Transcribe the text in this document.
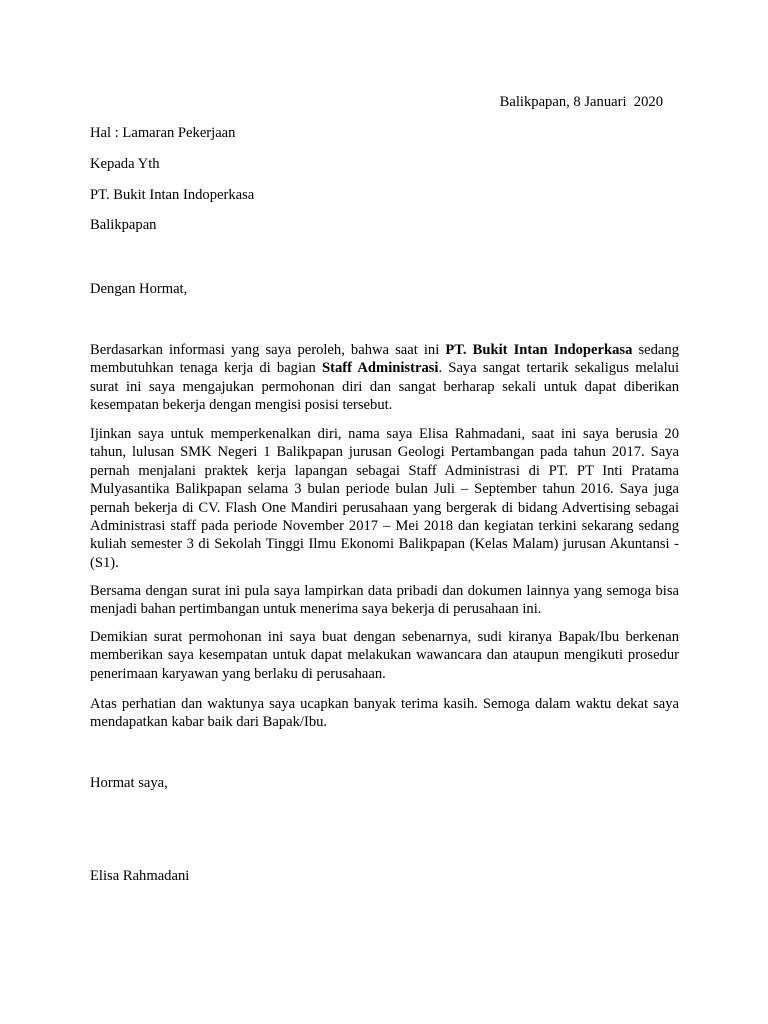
Balikpapan, 8 Januari  2020

Hal : Lamaran Pekerjaan

Kepada Yth

PT. Bukit Intan Indoperkasa

Balikpapan

Dengan Hormat,

Berdasarkan informasi yang saya peroleh, bahwa saat ini PT. Bukit Intan Indoperkasa sedang membutuhkan tenaga kerja di bagian Staff Administrasi. Saya sangat tertarik sekaligus melalui surat ini saya mengajukan permohonan diri dan sangat berharap sekali untuk dapat diberikan kesempatan bekerja dengan mengisi posisi tersebut.

Ijinkan saya untuk memperkenalkan diri, nama saya Elisa Rahmadani, saat ini saya berusia 20 tahun, lulusan SMK Negeri 1 Balikpapan jurusan Geologi Pertambangan pada tahun 2017. Saya pernah menjalani praktek kerja lapangan sebagai Staff Administrasi di PT. PT Inti Pratama Mulyasantika Balikpapan selama 3 bulan periode bulan Juli – September tahun 2016. Saya juga pernah bekerja di CV. Flash One Mandiri perusahaan yang bergerak di bidang Advertising sebagai Administrasi staff pada periode November 2017 – Mei 2018 dan kegiatan terkini sekarang sedang kuliah semester 3 di Sekolah Tinggi Ilmu Ekonomi Balikpapan (Kelas Malam) jurusan Akuntansi - (S1).

Bersama dengan surat ini pula saya lampirkan data pribadi dan dokumen lainnya yang semoga bisa menjadi bahan pertimbangan untuk menerima saya bekerja di perusahaan ini.

Demikian surat permohonan ini saya buat dengan sebenarnya, sudi kiranya Bapak/Ibu berkenan memberikan saya kesempatan untuk dapat melakukan wawancara dan ataupun mengikuti prosedur penerimaan karyawan yang berlaku di perusahaan.

Atas perhatian dan waktunya saya ucapkan banyak terima kasih. Semoga dalam waktu dekat saya mendapatkan kabar baik dari Bapak/Ibu.

Hormat saya,

Elisa Rahmadani
